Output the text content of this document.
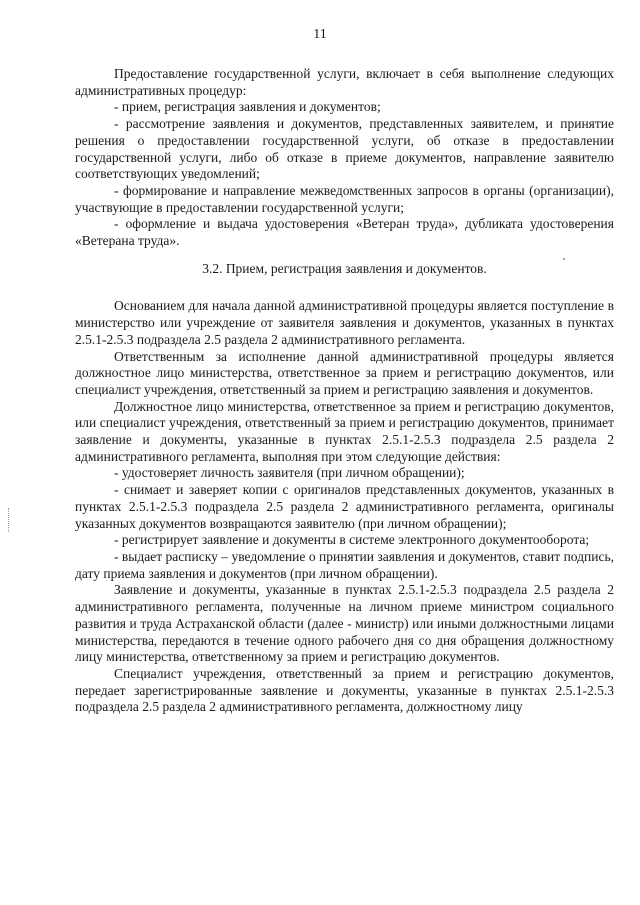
11

Предоставление государственной услуги, включает в себя выполнение следующих административных процедур:

- прием, регистрация заявления и документов;

- рассмотрение заявления и документов, представленных заявителем, и принятие решения о предоставлении государственной услуги, об отказе в предоставлении государственной услуги, либо об отказе в приеме документов, направление заявителю соответствующих уведомлений;

- формирование и направление межведомственных запросов в органы (организации), участвующие в предоставлении государственной услуги;

- оформление и выдача удостоверения «Ветеран труда», дубликата удостоверения «Ветерана труда».

3.2. Прием, регистрация заявления и документов.

Основанием для начала данной административной процедуры является поступление в министерство или учреждение от заявителя заявления и документов, указанных в пунктах 2.5.1-2.5.3 подраздела 2.5 раздела 2 административного регламента.

Ответственным за исполнение данной административной процедуры является должностное лицо министерства, ответственное за прием и регистрацию документов, или специалист учреждения, ответственный за прием и регистрацию заявления и документов.

Должностное лицо министерства, ответственное за прием и регистрацию документов, или специалист учреждения, ответственный за прием и регистрацию документов, принимает заявление и документы, указанные в пунктах 2.5.1-2.5.3 подраздела 2.5 раздела 2 административного регламента, выполняя при этом следующие действия:

- удостоверяет личность заявителя (при личном обращении);

- снимает и заверяет копии с оригиналов представленных документов, указанных в пунктах 2.5.1-2.5.3 подраздела 2.5 раздела 2 административного регламента, оригиналы указанных документов возвращаются заявителю (при личном обращении);

- регистрирует заявление и документы в системе электронного документооборота;

- выдает расписку – уведомление о принятии заявления и документов, ставит подпись, дату приема заявления и документов (при личном обращении).

Заявление и документы, указанные в пунктах 2.5.1-2.5.3 подраздела 2.5 раздела 2 административного регламента, полученные на личном приеме министром социального развития и труда Астраханской области (далее - министр) или иными должностными лицами министерства, передаются в течение одного рабочего дня со дня обращения должностному лицу министерства, ответственному за прием и регистрацию документов.

Специалист учреждения, ответственный за прием и регистрацию документов, передает зарегистрированные заявление и документы, указанные в пунктах 2.5.1-2.5.3 подраздела 2.5 раздела 2 административного регламента, должностному лицу
